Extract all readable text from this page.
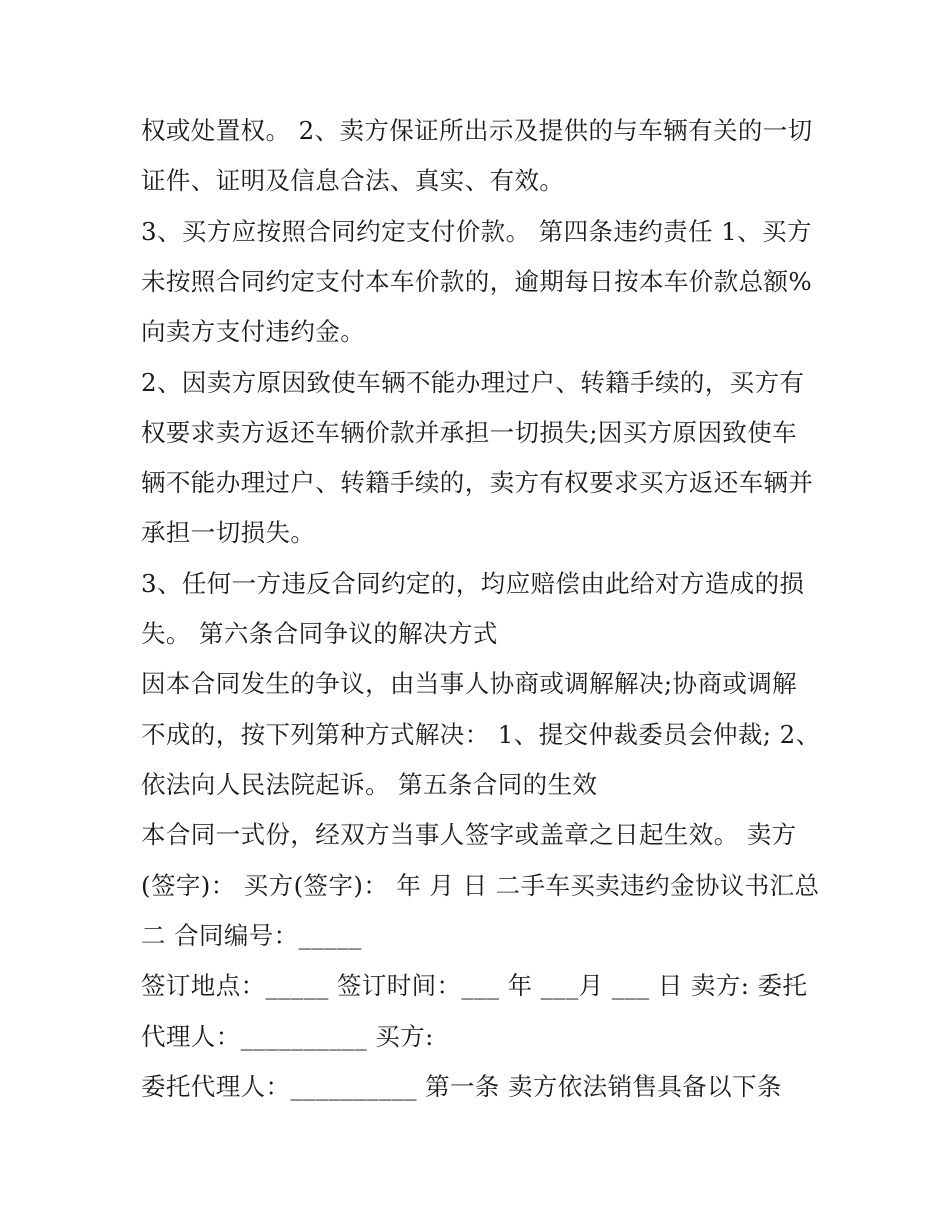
权或处置权。 2、卖方保证所出示及提供的与车辆有关的一切
证件、证明及信息合法、真实、有效。
3、买方应按照合同约定支付价款。 第四条违约责任 1、买方
未按照合同约定支付本车价款的，逾期每日按本车价款总额%
向卖方支付违约金。
2、因卖方原因致使车辆不能办理过户、转籍手续的，买方有
权要求卖方返还车辆价款并承担一切损失;因买方原因致使车
辆不能办理过户、转籍手续的，卖方有权要求买方返还车辆并
承担一切损失。
3、任何一方违反合同约定的，均应赔偿由此给对方造成的损
失。 第六条合同争议的解决方式
因本合同发生的争议，由当事人协商或调解解决;协商或调解
不成的，按下列第种方式解决： 1、提交仲裁委员会仲裁; 2、
依法向人民法院起诉。 第五条合同的生效
本合同一式份，经双方当事人签字或盖章之日起生效。 卖方
(签字)： 买方(签字)： 年 月 日 二手车买卖违约金协议书汇总
二 合同编号：_____
签订地点：_____ 签订时间：___ 年 ___月 ___ 日 卖方: 委托
代理人：__________ 买方:
委托代理人：__________ 第一条 卖方依法销售具备以下条
